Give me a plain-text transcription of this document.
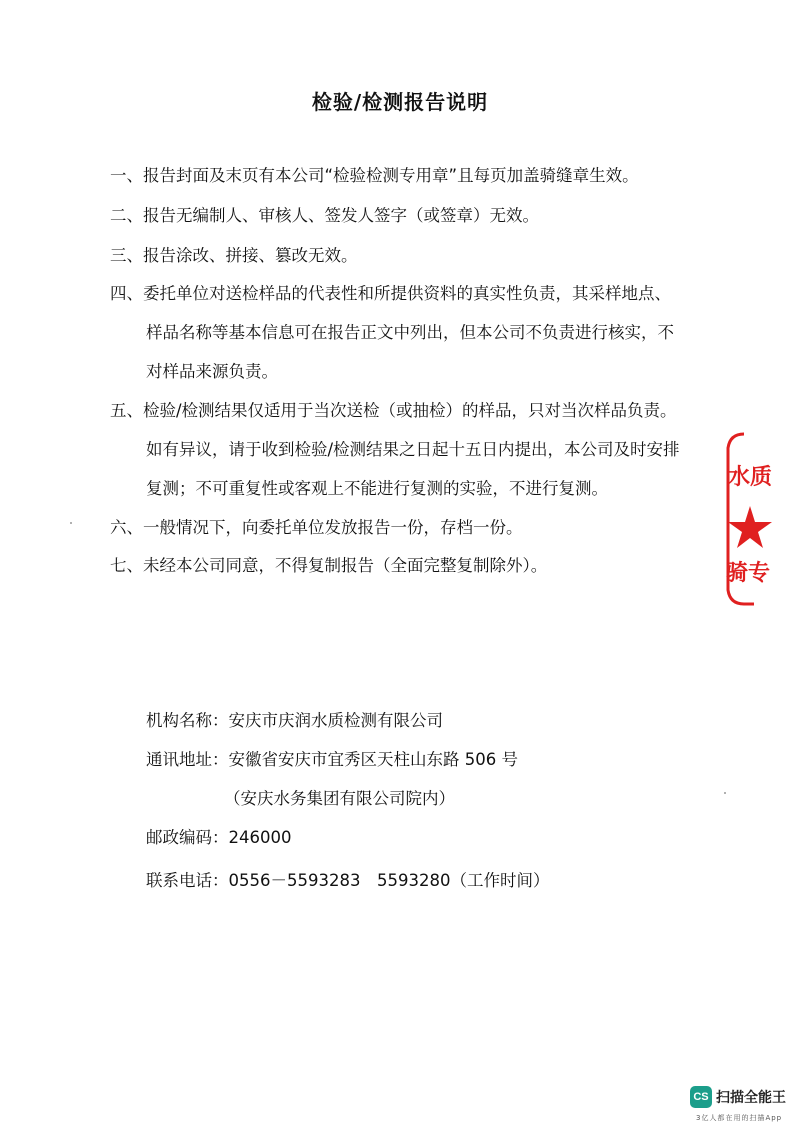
检验/检测报告说明
一、报告封面及末页有本公司“检验检测专用章”且每页加盖骑缝章生效。
二、报告无编制人、审核人、签发人签字（或签章）无效。
三、报告涂改、拼接、篡改无效。
四、委托单位对送检样品的代表性和所提供资料的真实性负责，其采样地点、
样品名称等基本信息可在报告正文中列出，但本公司不负责进行核实，不
对样品来源负责。
五、检验/检测结果仅适用于当次送检（或抽检）的样品，只对当次样品负责。
如有异议，请于收到检验/检测结果之日起十五日内提出，本公司及时安排
复测；不可重复性或客观上不能进行复测的实验，不进行复测。
六、一般情况下，向委托单位发放报告一份，存档一份。
七、未经本公司同意，不得复制报告（全面完整复制除外）。
机构名称：安庆市庆润水质检测有限公司
通讯地址：安徽省安庆市宜秀区天柱山东路 506 号
（安庆水务集团有限公司院内）
邮政编码：246000
联系电话：0556－5593283　5593280（工作时间）
水质
骑专
CS 扫描全能王
3亿人都在用的扫描App
